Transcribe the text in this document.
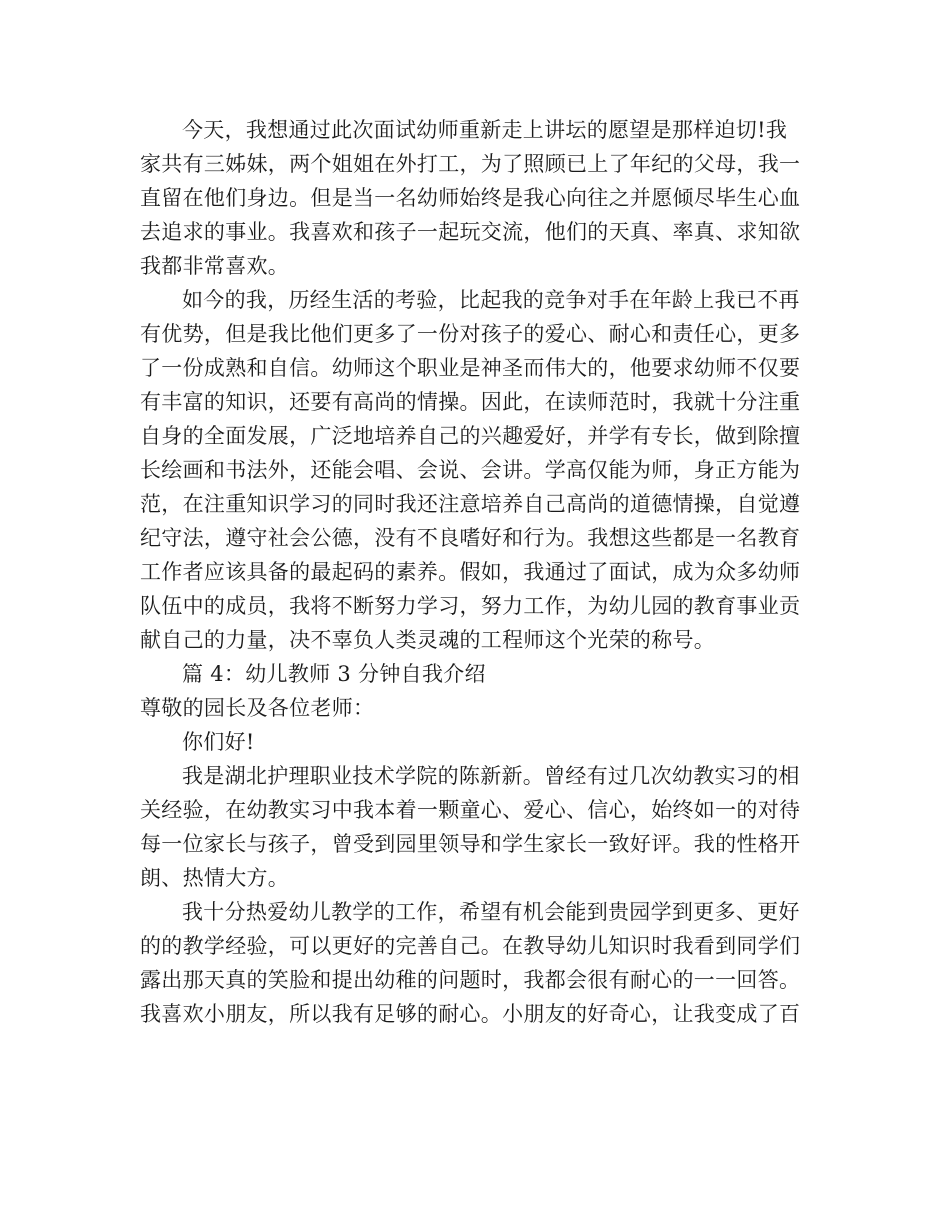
今天，我想通过此次面试幼师重新走上讲坛的愿望是那样迫切!我
家共有三姊妹，两个姐姐在外打工，为了照顾已上了年纪的父母，我一
直留在他们身边。但是当一名幼师始终是我心向往之并愿倾尽毕生心血
去追求的事业。我喜欢和孩子一起玩交流，他们的天真、率真、求知欲
我都非常喜欢。
如今的我，历经生活的考验，比起我的竞争对手在年龄上我已不再
有优势，但是我比他们更多了一份对孩子的爱心、耐心和责任心，更多
了一份成熟和自信。幼师这个职业是神圣而伟大的，他要求幼师不仅要
有丰富的知识，还要有高尚的情操。因此，在读师范时，我就十分注重
自身的全面发展，广泛地培养自己的兴趣爱好，并学有专长，做到除擅
长绘画和书法外，还能会唱、会说、会讲。学高仅能为师，身正方能为
范，在注重知识学习的同时我还注意培养自己高尚的道德情操，自觉遵
纪守法，遵守社会公德，没有不良嗜好和行为。我想这些都是一名教育
工作者应该具备的最起码的素养。假如，我通过了面试，成为众多幼师
队伍中的成员，我将不断努力学习，努力工作，为幼儿园的教育事业贡
献自己的力量，决不辜负人类灵魂的工程师这个光荣的称号。
篇 4：幼儿教师 3 分钟自我介绍
尊敬的园长及各位老师：
你们好!
我是湖北护理职业技术学院的陈新新。曾经有过几次幼教实习的相
关经验，在幼教实习中我本着一颗童心、爱心、信心，始终如一的对待
每一位家长与孩子，曾受到园里领导和学生家长一致好评。我的性格开
朗、热情大方。
我十分热爱幼儿教学的工作，希望有机会能到贵园学到更多、更好
的的教学经验，可以更好的完善自己。在教导幼儿知识时我看到同学们
露出那天真的笑脸和提出幼稚的问题时，我都会很有耐心的一一回答。
我喜欢小朋友，所以我有足够的耐心。小朋友的好奇心，让我变成了百
